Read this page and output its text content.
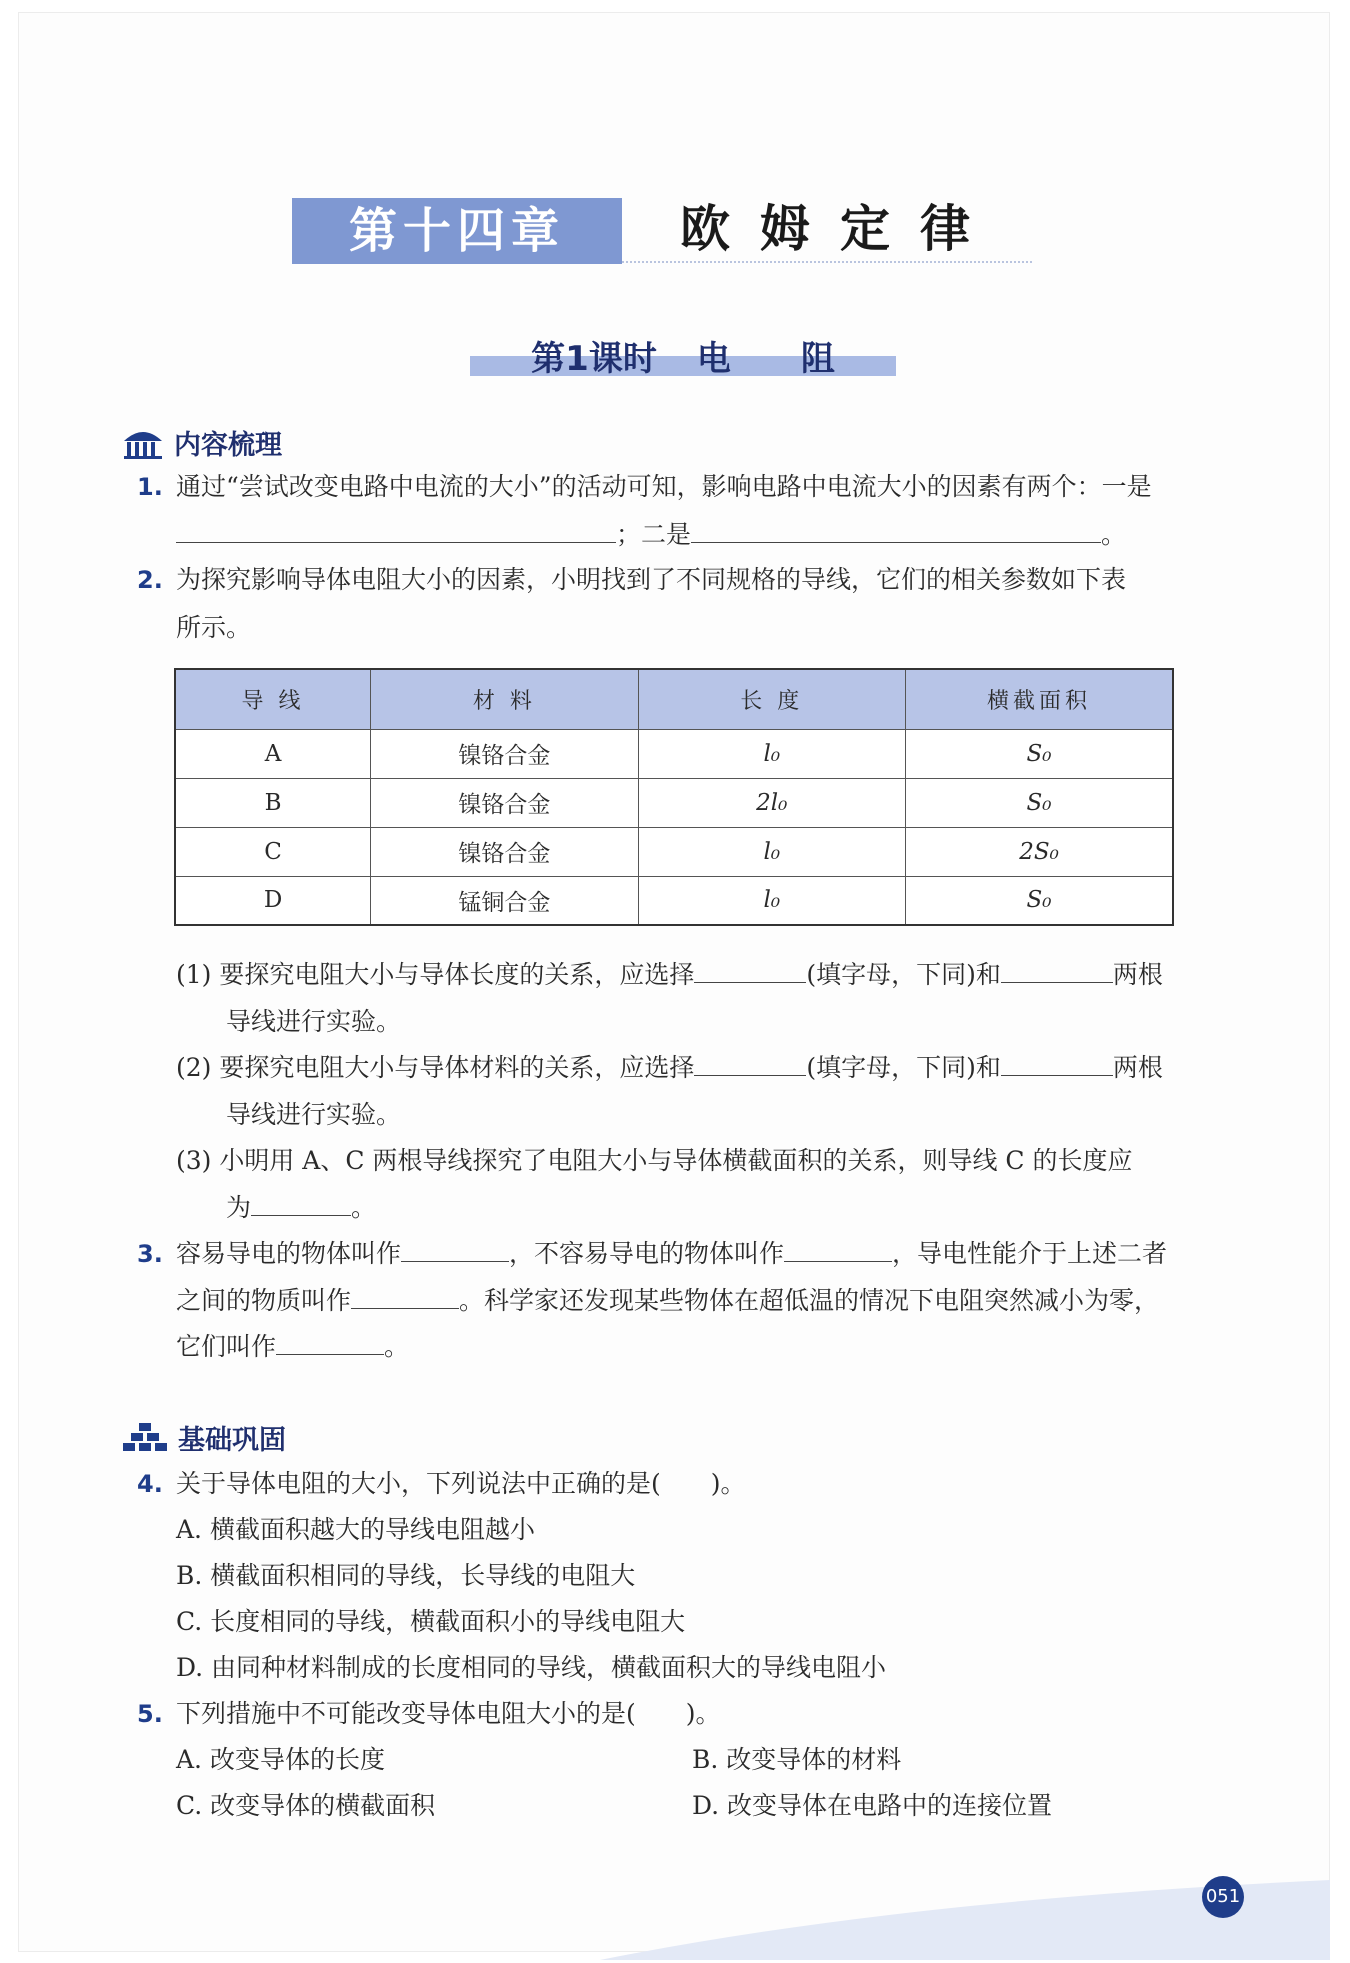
第十四章	欧姆定律
第1课时 电 阻
内容梳理
1. 通过“尝试改变电路中电流的大小”的活动可知，影响电路中电流大小的因素有两个：一是
；二是	。
2. 为探究影响导体电阻大小的因素，小明找到了不同规格的导线，它们的相关参数如下表
所示。
导 线	材 料	长 度	横截面积
A	镍铬合金	l₀	S₀
B	镍铬合金	2l₀	S₀
C	镍铬合金	l₀	2S₀
D	锰铜合金	l₀	S₀
(1) 要探究电阻大小与导体长度的关系，应选择	(填字母，下同)和	两根
导线进行实验。
(2) 要探究电阻大小与导体材料的关系，应选择	(填字母，下同)和	两根
导线进行实验。
(3) 小明用 A、C 两根导线探究了电阻大小与导体横截面积的关系，则导线 C 的长度应
为	。
3. 容易导电的物体叫作	，不容易导电的物体叫作	，导电性能介于上述二者
之间的物质叫作	。科学家还发现某些物体在超低温的情况下电阻突然减小为零，
它们叫作	。
基础巩固
4. 关于导体电阻的大小，下列说法中正确的是(　　)。
A. 横截面积越大的导线电阻越小
B. 横截面积相同的导线，长导线的电阻大
C. 长度相同的导线，横截面积小的导线电阻大
D. 由同种材料制成的长度相同的导线，横截面积大的导线电阻小
5. 下列措施中不可能改变导体电阻大小的是(　　)。
A. 改变导体的长度	B. 改变导体的材料
C. 改变导体的横截面积	D. 改变导体在电路中的连接位置
051
